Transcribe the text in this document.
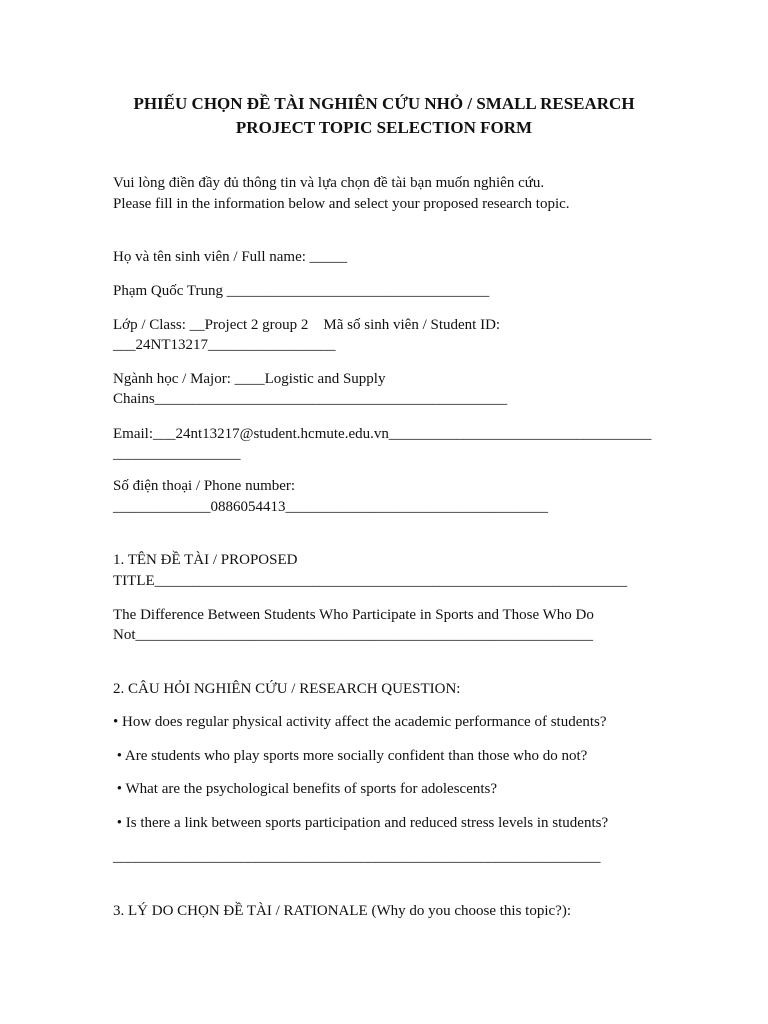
PHIẾU CHỌN ĐỀ TÀI NGHIÊN CỨU NHỎ / SMALL RESEARCH

PROJECT TOPIC SELECTION FORM

Vui lòng điền đầy đủ thông tin và lựa chọn đề tài bạn muốn nghiên cứu.

Please fill in the information below and select your proposed research topic.

Họ và tên sinh viên / Full name: _____

Phạm Quốc Trung ___________________________________

Lớp / Class: __Project 2 group 2    Mã số sinh viên / Student ID:

___24NT13217_________________

Ngành học / Major: ____Logistic and Supply

Chains_______________________________________________

Email:___24nt13217@student.hcmute.edu.vn___________________________________

_________________

Số điện thoại / Phone number:

_____________0886054413___________________________________

1. TÊN ĐỀ TÀI / PROPOSED

TITLE_______________________________________________________________

The Difference Between Students Who Participate in Sports and Those Who Do

Not_____________________________________________________________

2. CÂU HỎI NGHIÊN CỨU / RESEARCH QUESTION:

• How does regular physical activity affect the academic performance of students?

• Are students who play sports more socially confident than those who do not?

• What are the psychological benefits of sports for adolescents?

• Is there a link between sports participation and reduced stress levels in students?

_________________________________________________________________

3. LÝ DO CHỌN ĐỀ TÀI / RATIONALE (Why do you choose this topic?):
